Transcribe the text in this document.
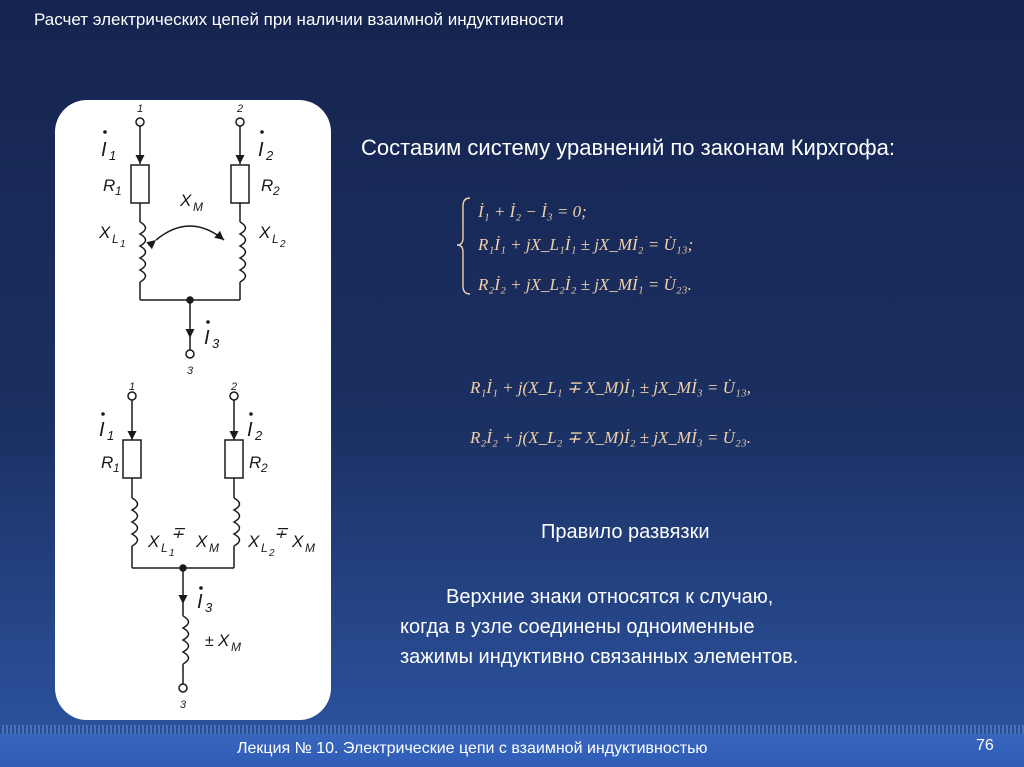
Расчет электрических цепей при наличии взаимной индуктивности
1	2
3
I 1	I 2
R 1	R 2
X M
X L 1
X L 2
I 3
1	2
3
I 1	I 2
R 1	R 2
X L 1
∓ X M X L 2
∓ X M
I 3
± X M
Составим систему уравнений по законам Кирхгофа:
İ₁ + İ₂ − İ₃ = 0;
R₁İ₁ + jX_L₁İ₁ ± jX_Mİ₂ = U̇₁₃;
R₂İ₂ + jX_L₂İ₂ ± jX_Mİ₁ = U̇₂₃.
R₁İ₁ + j(X_L₁ ∓ X_M)İ₁ ± jX_Mİ₃ = U̇₁₃,
R₂İ₂ + j(X_L₂ ∓ X_M)İ₂ ± jX_Mİ₃ = U̇₂₃.
Правило развязки
Верхние знаки относятся к случаю,
когда в узле соединены одноименные
зажимы индуктивно связанных элементов.
Лекция № 10. Электрические цепи с взаимной индуктивностью	76
